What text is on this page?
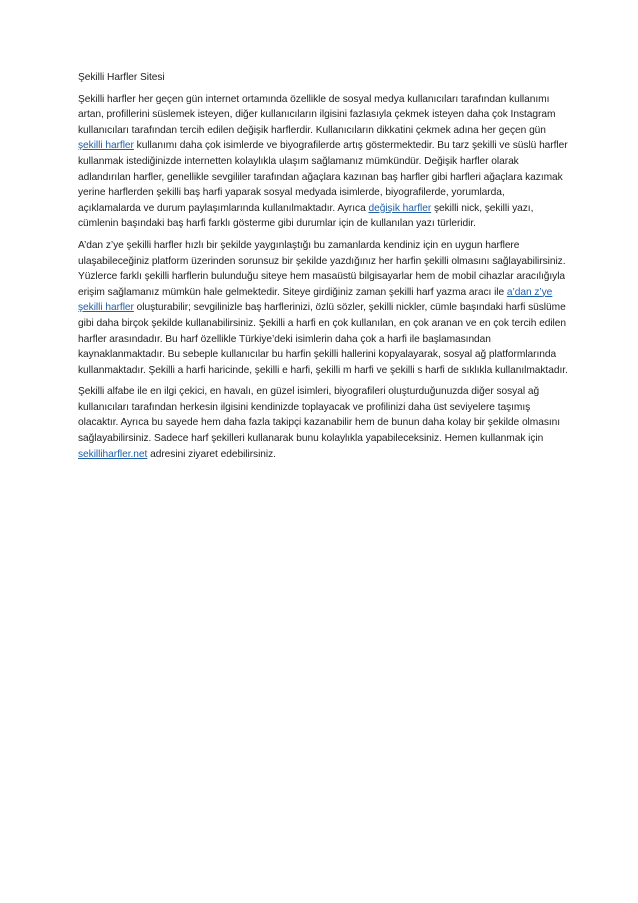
Şekilli Harfler Sitesi

Şekilli harfler her geçen gün internet ortamında özellikle de sosyal medya kullanıcıları tarafından kullanımı artan, profillerini süslemek isteyen, diğer kullanıcıların ilgisini fazlasıyla çekmek isteyen daha çok Instagram kullanıcıları tarafından tercih edilen değişik harflerdir. Kullanıcıların dikkatini çekmek adına her geçen gün şekilli harfler kullanımı daha çok isimlerde ve biyografilerde artış göstermektedir. Bu tarz şekilli ve süslü harfler kullanmak istediğinizde internetten kolaylıkla ulaşım sağlamanız mümkündür. Değişik harfler olarak adlandırılan harfler, genellikle sevgililer tarafından ağaçlara kazınan baş harfler gibi harfleri ağaçlara kazımak yerine harflerden şekilli baş harfi yaparak sosyal medyada isimlerde, biyografilerde, yorumlarda, açıklamalarda ve durum paylaşımlarında kullanılmaktadır. Ayrıca değişik harfler şekilli nick, şekilli yazı, cümlenin başındaki baş harfi farklı gösterme gibi durumlar için de kullanılan yazı türleridir.

A’dan z’ye şekilli harfler hızlı bir şekilde yaygınlaştığı bu zamanlarda kendiniz için en uygun harflere ulaşabileceğiniz platform üzerinden sorunsuz bir şekilde yazdığınız her harfin şekilli olmasını sağlayabilirsiniz. Yüzlerce farklı şekilli harflerin bulunduğu siteye hem masaüstü bilgisayarlar hem de mobil cihazlar aracılığıyla erişim sağlamanız mümkün hale gelmektedir. Siteye girdiğiniz zaman şekilli harf yazma aracı ile a’dan z’ye şekilli harfler oluşturabilir; sevgilinizle baş harflerinizi, özlü sözler, şekilli nickler, cümle başındaki harfi süslüme gibi daha birçok şekilde kullanabilirsiniz. Şekilli a harfi en çok kullanılan, en çok aranan ve en çok tercih edilen harfler arasındadır. Bu harf özellikle Türkiye’deki isimlerin daha çok a harfi ile başlamasından kaynaklanmaktadır. Bu sebeple kullanıcılar bu harfin şekilli hallerini kopyalayarak, sosyal ağ platformlarında kullanmaktadır. Şekilli a harfi haricinde, şekilli e harfi, şekilli m harfi ve şekilli s harfi de sıklıkla kullanılmaktadır.

Şekilli alfabe ile en ilgi çekici, en havalı, en güzel isimleri, biyografileri oluşturduğunuzda diğer sosyal ağ kullanıcıları tarafından herkesin ilgisini kendinizde toplayacak ve profilinizi daha üst seviyelere taşımış olacaktır. Ayrıca bu sayede hem daha fazla takipçi kazanabilir hem de bunun daha kolay bir şekilde olmasını sağlayabilirsiniz. Sadece harf şekilleri kullanarak bunu kolaylıkla yapabileceksiniz. Hemen kullanmak için sekilliharfler.net adresini ziyaret edebilirsiniz.
